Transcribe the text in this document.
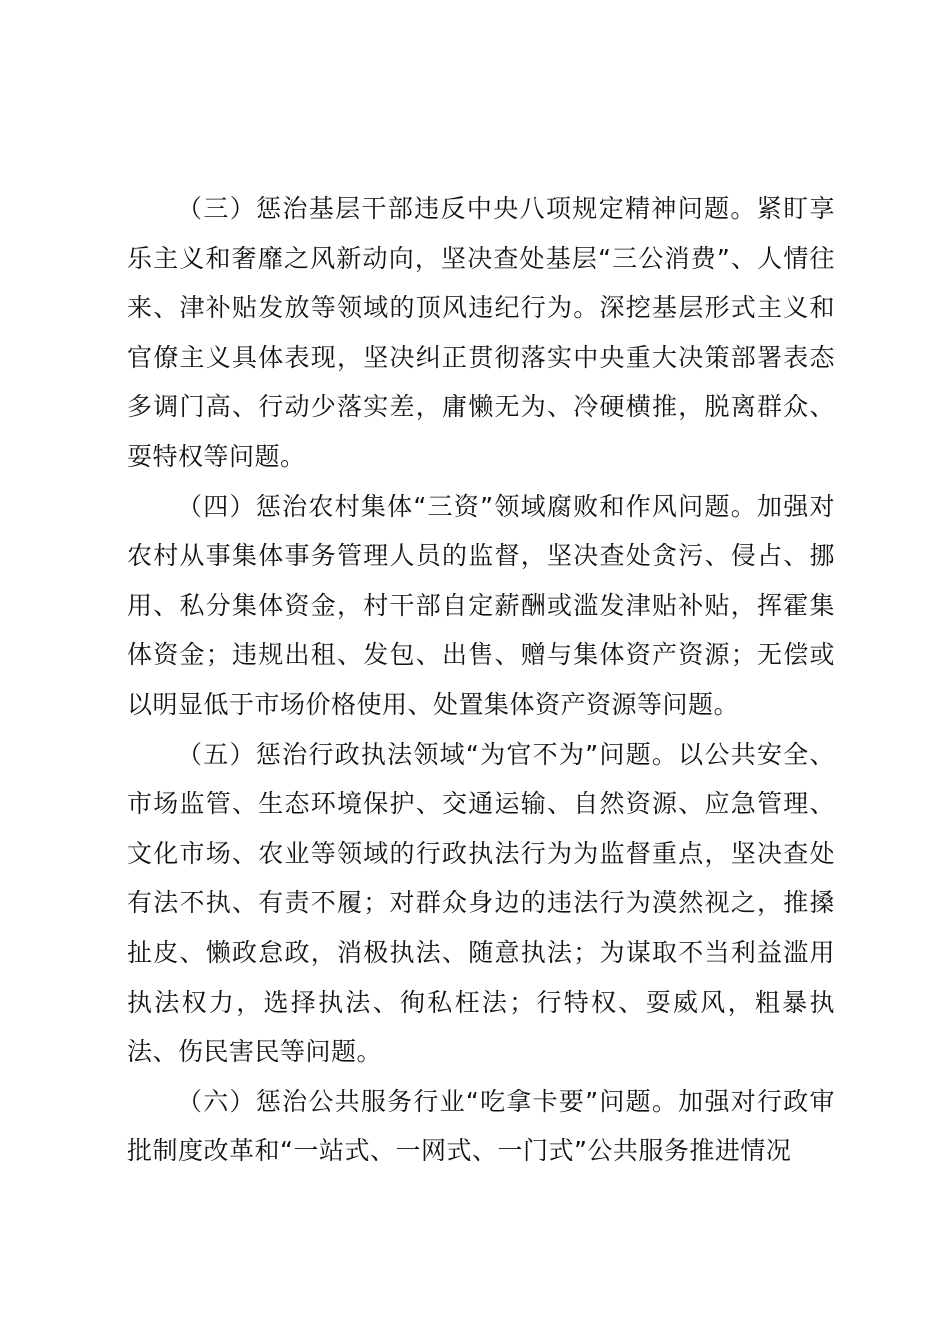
（三）惩治基层干部违反中央八项规定精神问题。紧盯享乐主义和奢靡之风新动向，坚决查处基层“三公消费”、人情往来、津补贴发放等领域的顶风违纪行为。深挖基层形式主义和官僚主义具体表现，坚决纠正贯彻落实中央重大决策部署表态多调门高、行动少落实差，庸懒无为、冷硬横推，脱离群众、耍特权等问题。

（四）惩治农村集体“三资”领域腐败和作风问题。加强对农村从事集体事务管理人员的监督，坚决查处贪污、侵占、挪用、私分集体资金，村干部自定薪酬或滥发津贴补贴，挥霍集体资金；违规出租、发包、出售、赠与集体资产资源；无偿或以明显低于市场价格使用、处置集体资产资源等问题。

（五）惩治行政执法领域“为官不为”问题。以公共安全、市场监管、生态环境保护、交通运输、自然资源、应急管理、文化市场、农业等领域的行政执法行为为监督重点，坚决查处有法不执、有责不履；对群众身边的违法行为漠然视之，推搡扯皮、懒政怠政，消极执法、随意执法；为谋取不当利益滥用执法权力，选择执法、徇私枉法；行特权、耍威风，粗暴执法、伤民害民等问题。

（六）惩治公共服务行业“吃拿卡要”问题。加强对行政审批制度改革和“一站式、一网式、一门式”公共服务推进情况
